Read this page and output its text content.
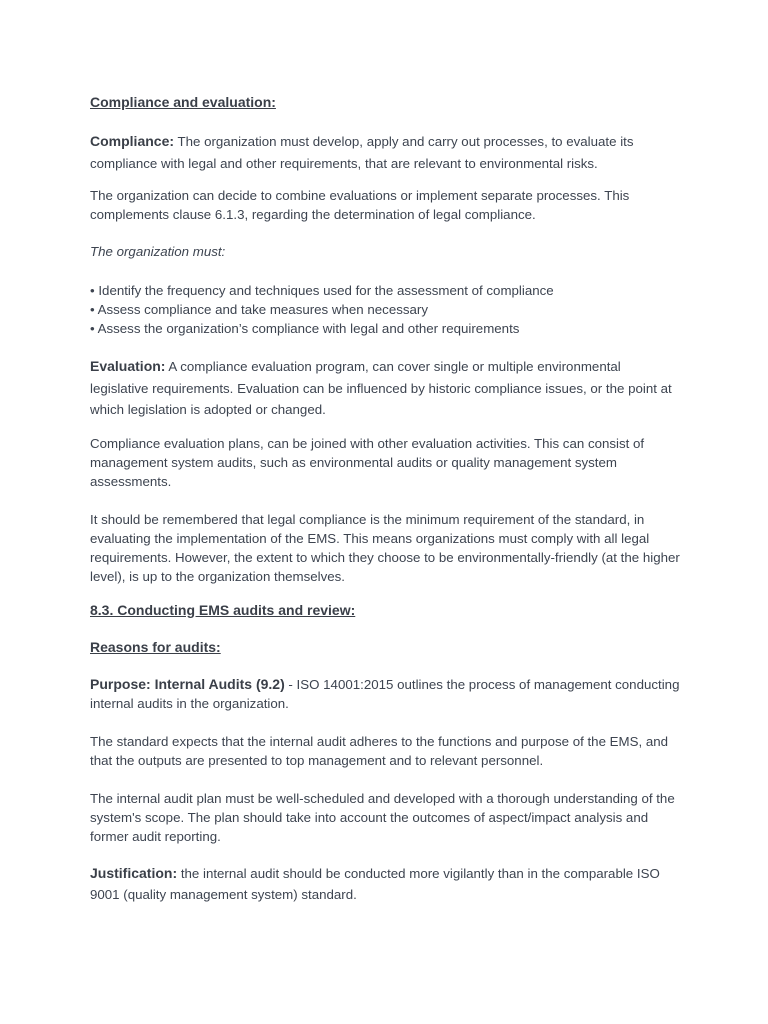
Compliance and evaluation:

Compliance: The organization must develop, apply and carry out processes, to evaluate its compliance with legal and other requirements, that are relevant to environmental risks.

The organization can decide to combine evaluations or implement separate processes. This complements clause 6.1.3, regarding the determination of legal compliance.

The organization must:

• Identify the frequency and techniques used for the assessment of compliance
• Assess compliance and take measures when necessary
• Assess the organization’s compliance with legal and other requirements

Evaluation: A compliance evaluation program, can cover single or multiple environmental legislative requirements. Evaluation can be influenced by historic compliance issues, or the point at which legislation is adopted or changed.

Compliance evaluation plans, can be joined with other evaluation activities. This can consist of management system audits, such as environmental audits or quality management system assessments.

It should be remembered that legal compliance is the minimum requirement of the standard, in evaluating the implementation of the EMS. This means organizations must comply with all legal requirements. However, the extent to which they choose to be environmentally-friendly (at the higher level), is up to the organization themselves.

8.3. Conducting EMS audits and review:

Reasons for audits:

Purpose: Internal Audits (9.2) - ISO 14001:2015 outlines the process of management conducting internal audits in the organization.

The standard expects that the internal audit adheres to the functions and purpose of the EMS, and that the outputs are presented to top management and to relevant personnel.

The internal audit plan must be well-scheduled and developed with a thorough understanding of the system's scope. The plan should take into account the outcomes of aspect/impact analysis and former audit reporting.

Justification: the internal audit should be conducted more vigilantly than in the comparable ISO 9001 (quality management system) standard.
